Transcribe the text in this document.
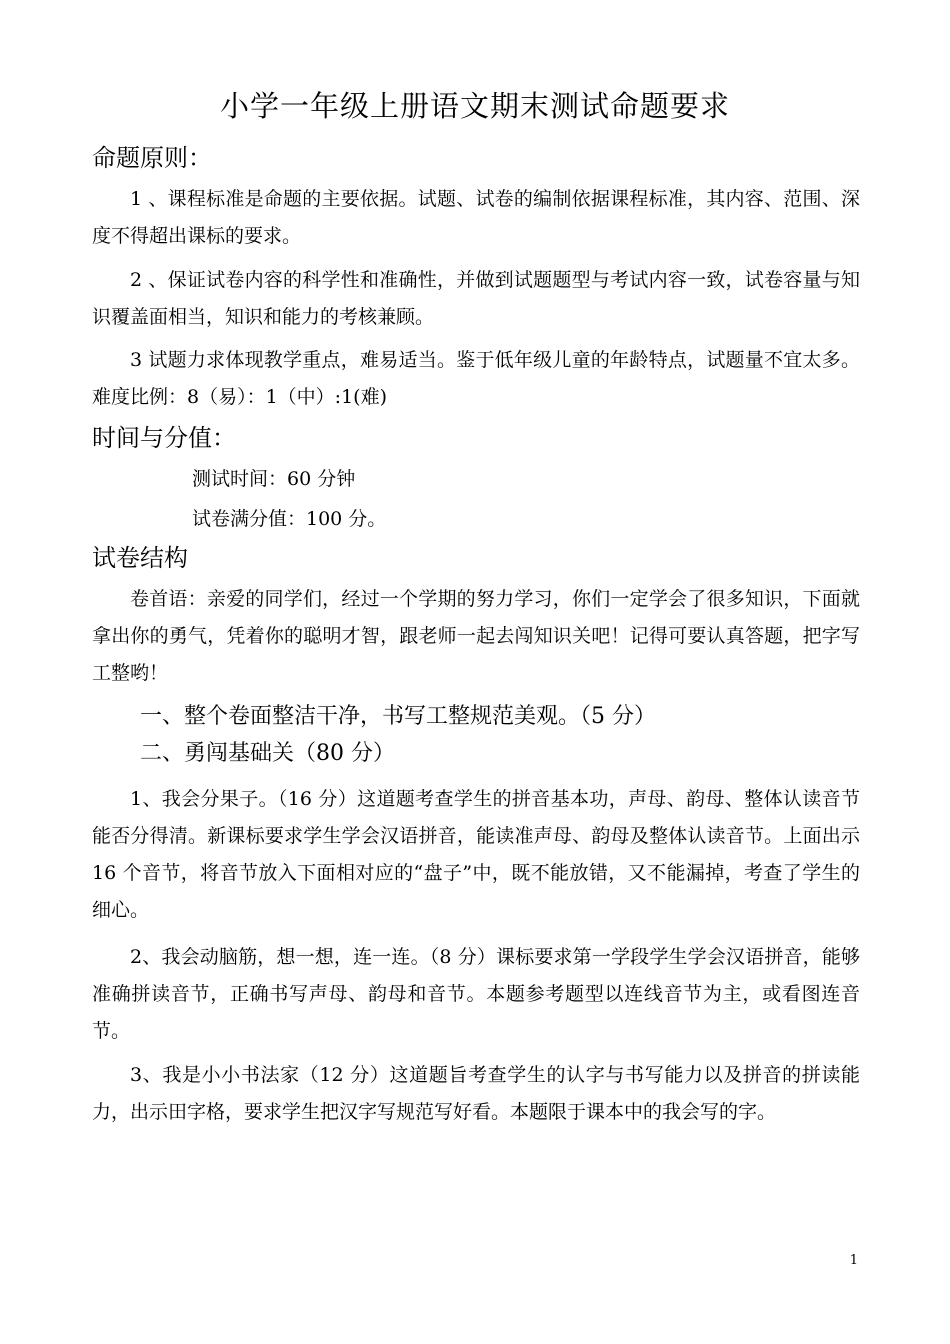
小学一年级上册语文期末测试命题要求
命题原则：

1 、课程标准是命题的主要依据。试题、试卷的编制依据课程标准，其内容、范围、深度不得超出课标的要求。

2 、保证试卷内容的科学性和准确性，并做到试题题型与考试内容一致，试卷容量与知识覆盖面相当，知识和能力的考核兼顾。

3 试题力求体现教学重点，难易适当。鉴于低年级儿童的年龄特点，试题量不宜太多。难度比例：8（易）：1（中）:1(难)

时间与分值：

测试时间：60 分钟

试卷满分值：100 分。

试卷结构

卷首语：亲爱的同学们，经过一个学期的努力学习，你们一定学会了很多知识，下面就拿出你的勇气，凭着你的聪明才智，跟老师一起去闯知识关吧！记得可要认真答题，把字写工整哟！

一、整个卷面整洁干净，书写工整规范美观。（5 分）
二、勇闯基础关（80 分）

1、我会分果子。（16 分）这道题考查学生的拼音基本功，声母、韵母、整体认读音节能否分得清。新课标要求学生学会汉语拼音，能读准声母、韵母及整体认读音节。上面出示 16 个音节，将音节放入下面相对应的“盘子”中，既不能放错，又不能漏掉，考查了学生的细心。

2、我会动脑筋，想一想，连一连。（8 分）课标要求第一学段学生学会汉语拼音，能够准确拼读音节，正确书写声母、韵母和音节。本题参考题型以连线音节为主，或看图连音节。

3、我是小小书法家（12 分）这道题旨考查学生的认字与书写能力以及拼音的拼读能力，出示田字格，要求学生把汉字写规范写好看。本题限于课本中的我会写的字。

1
